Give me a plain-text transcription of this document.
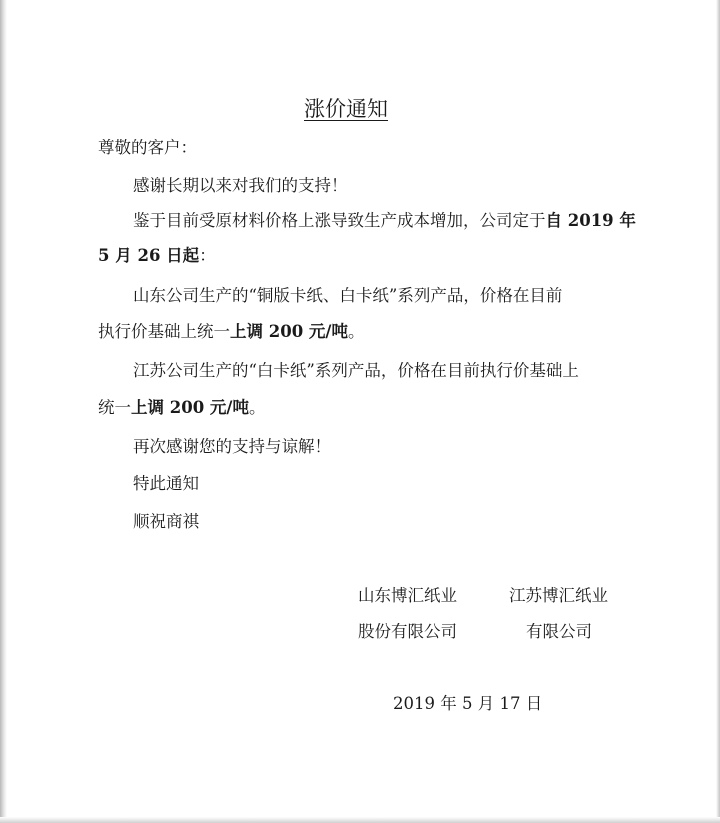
涨价通知
尊敬的客户：
感谢长期以来对我们的支持！
鉴于目前受原材料价格上涨导致生产成本增加，公司定于自 2019 年
5 月 26 日起：
山东公司生产的“铜版卡纸、白卡纸”系列产品，价格在目前
执行价基础上统一上调 200 元/吨。
江苏公司生产的“白卡纸”系列产品，价格在目前执行价基础上
统一上调 200 元/吨。
再次感谢您的支持与谅解！
特此通知
顺祝商祺
山东博汇纸业
股份有限公司
江苏博汇纸业
有限公司
2019 年 5 月 17 日
